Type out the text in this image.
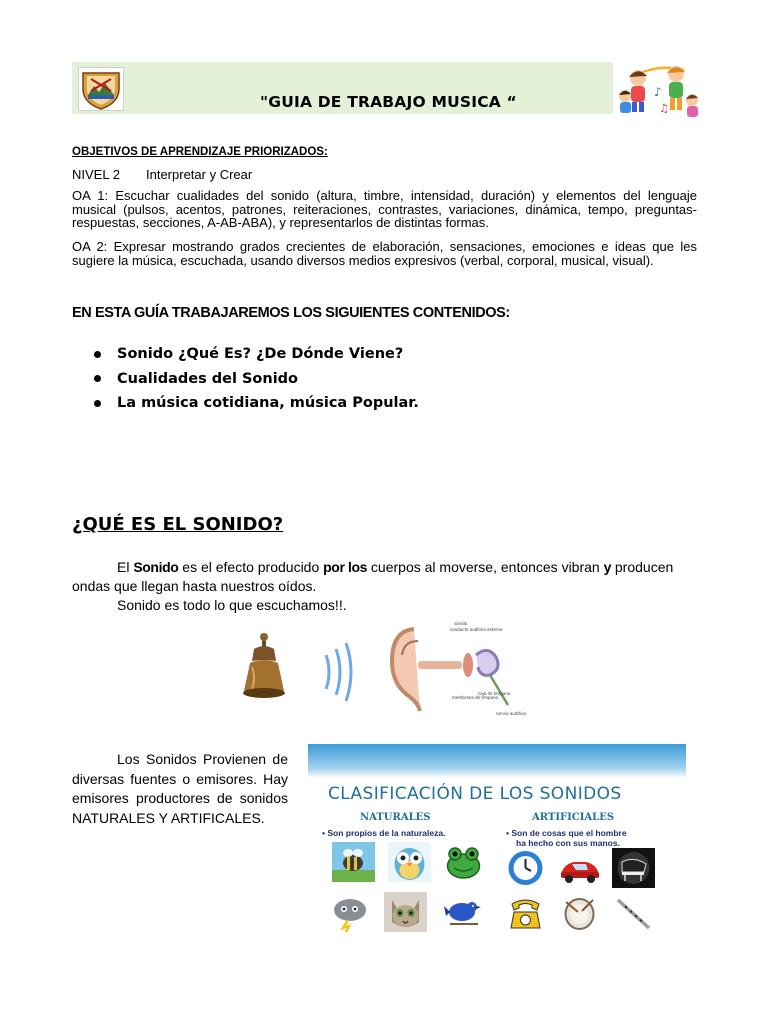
"GUIA DE TRABAJO MUSICA “
♪
♫
OBJETIVOS DE APRENDIZAJE PRIORIZADOS:
NIVEL 2 Interpretar y Crear
OA 1: Escuchar cualidades del sonido (altura, timbre, intensidad, duración) y elementos del lenguaje musical (pulsos, acentos, patrones, reiteraciones, contrastes, variaciones, dinámica, tempo, preguntas-respuestas, secciones, A-AB-ABA), y representarlos de distintas formas.
OA 2: Expresar mostrando grados crecientes de elaboración, sensaciones, emociones e ideas que les sugiere la música, escuchada, usando diversos medios expresivos (verbal, corporal, musical, visual).
EN ESTA GUÍA TRABAJAREMOS LOS SIGUIENTES CONTENIDOS:
Sonido ¿Qué Es? ¿De Dónde Viene?
Cualidades del Sonido
La música cotidiana, música Popular.
¿QUÉ ES EL SONIDO?
El Sonido es el efecto producido por los cuerpos al moverse, entonces vibran y producen ondas que llegan hasta nuestros oídos.
Sonido es todo lo que escuchamos!!.
sonido
conducto auditivo externo
membrana de tímpano
caja de tímpano
nervio auditivo
Los Sonidos Provienen de diversas fuentes o emisores. Hay emisores productores de sonidos NATURALES Y ARTIFICALES.
CLASIFICACIÓN DE LOS SONIDOS
NATURALES	ARTIFICIALES
• Son propios de la naturaleza.	• Son de cosas que el hombre
ha hecho con sus manos.
